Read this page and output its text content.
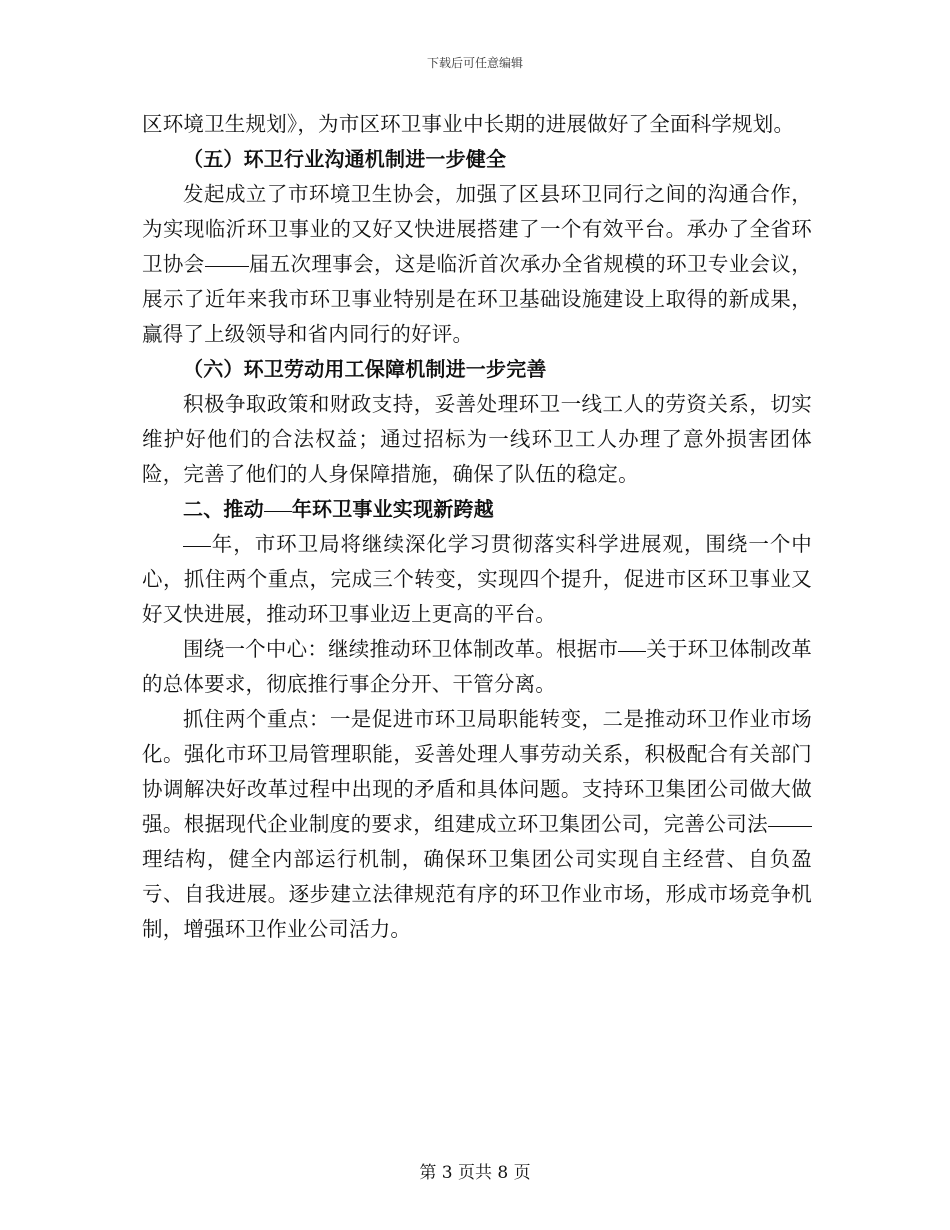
下载后可任意编辑

区环境卫生规划》，为市区环卫事业中长期的进展做好了全面科学规划。

（五）环卫行业沟通机制进一步健全

发起成立了市环境卫生协会，加强了区县环卫同行之间的沟通合作，为实现临沂环卫事业的又好又快进展搭建了一个有效平台。承办了全省环卫协会 届五次理事会，这是临沂首次承办全省规模的环卫专业会议，展示了近年来我市环卫事业特别是在环卫基础设施建设上取得的新成果，赢得了上级领导和省内同行的好评。

（六）环卫劳动用工保障机制进一步完善

积极争取政策和财政支持，妥善处理环卫一线工人的劳资关系，切实维护好他们的合法权益；通过招标为一线环卫工人办理了意外损害团体险，完善了他们的人身保障措施，确保了队伍的稳定。

二、推动 年环卫事业实现新跨越

年，市环卫局将继续深化学习贯彻落实科学进展观，围绕一个中心，抓住两个重点，完成三个转变，实现四个提升，促进市区环卫事业又好又快进展，推动环卫事业迈上更高的平台。

围绕一个中心：继续推动环卫体制改革。根据市 关于环卫体制改革的总体要求，彻底推行事企分开、干管分离。

抓住两个重点：一是促进市环卫局职能转变，二是推动环卫作业市场化。强化市环卫局管理职能，妥善处理人事劳动关系，积极配合有关部门协调解决好改革过程中出现的矛盾和具体问题。支持环卫集团公司做大做强。根据现代企业制度的要求，组建成立环卫集团公司，完善公司法理结构，健全内部运行机制，确保环卫集团公司实现自主经营、自负盈亏、自我进展。逐步建立法律规范有序的环卫作业市场，形成市场竞争机制，增强环卫作业公司活力。

第 3 页共 8 页
